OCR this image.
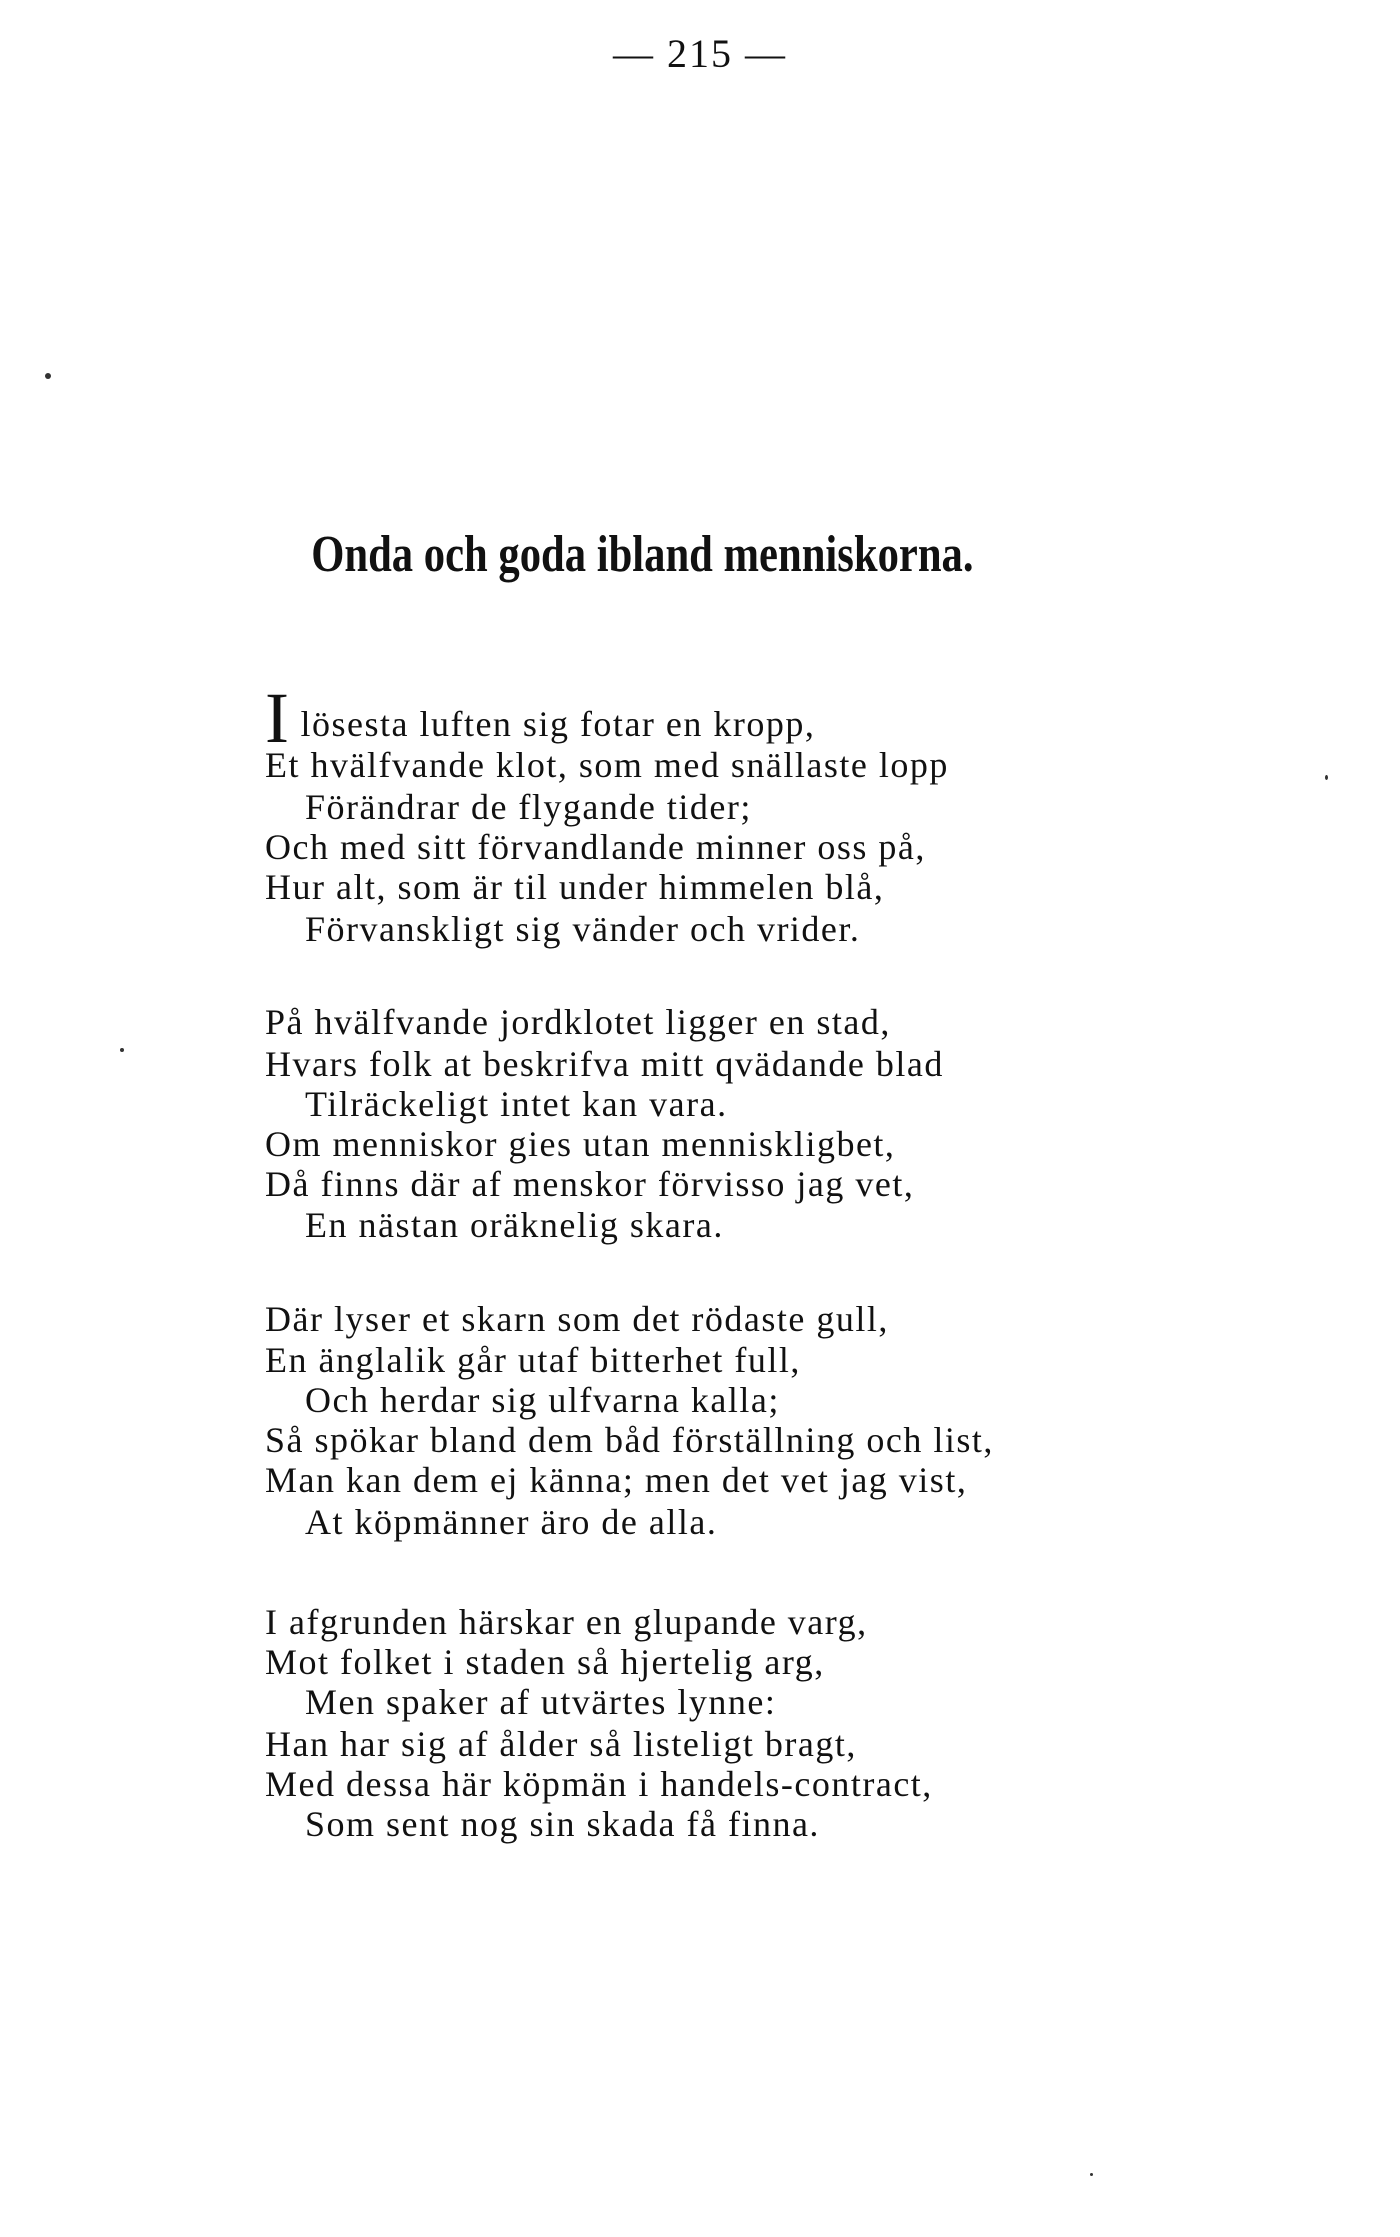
— 215 —
Onda och goda ibland menniskorna.
Ilösesta luften sig fotar en kropp,
Et hvälfvande klot, som med snällaste lopp
Förändrar de flygande tider;
Och med sitt förvandlande minner oss på,
Hur alt, som är til under himmelen blå,
Förvanskligt sig vänder och vrider.
På hvälfvande jordklotet ligger en stad,
Hvars folk at beskrifva mitt qvädande blad
Tilräckeligt intet kan vara.
Om menniskor gies utan menniskligbet,
Då finns där af menskor förvisso jag vet,
En nästan oräknelig skara.
Där lyser et skarn som det rödaste gull,
En änglalik går utaf bitterhet full,
Och herdar sig ulfvarna kalla;
Så spökar bland dem båd förställning och list,
Man kan dem ej känna; men det vet jag vist,
At köpmänner äro de alla.
I afgrunden härskar en glupande varg,
Mot folket i staden så hjertelig arg,
Men spaker af utvärtes lynne:
Han har sig af ålder så listeligt bragt,
Med dessa här köpmän i handels-contract,
Som sent nog sin skada få finna.
